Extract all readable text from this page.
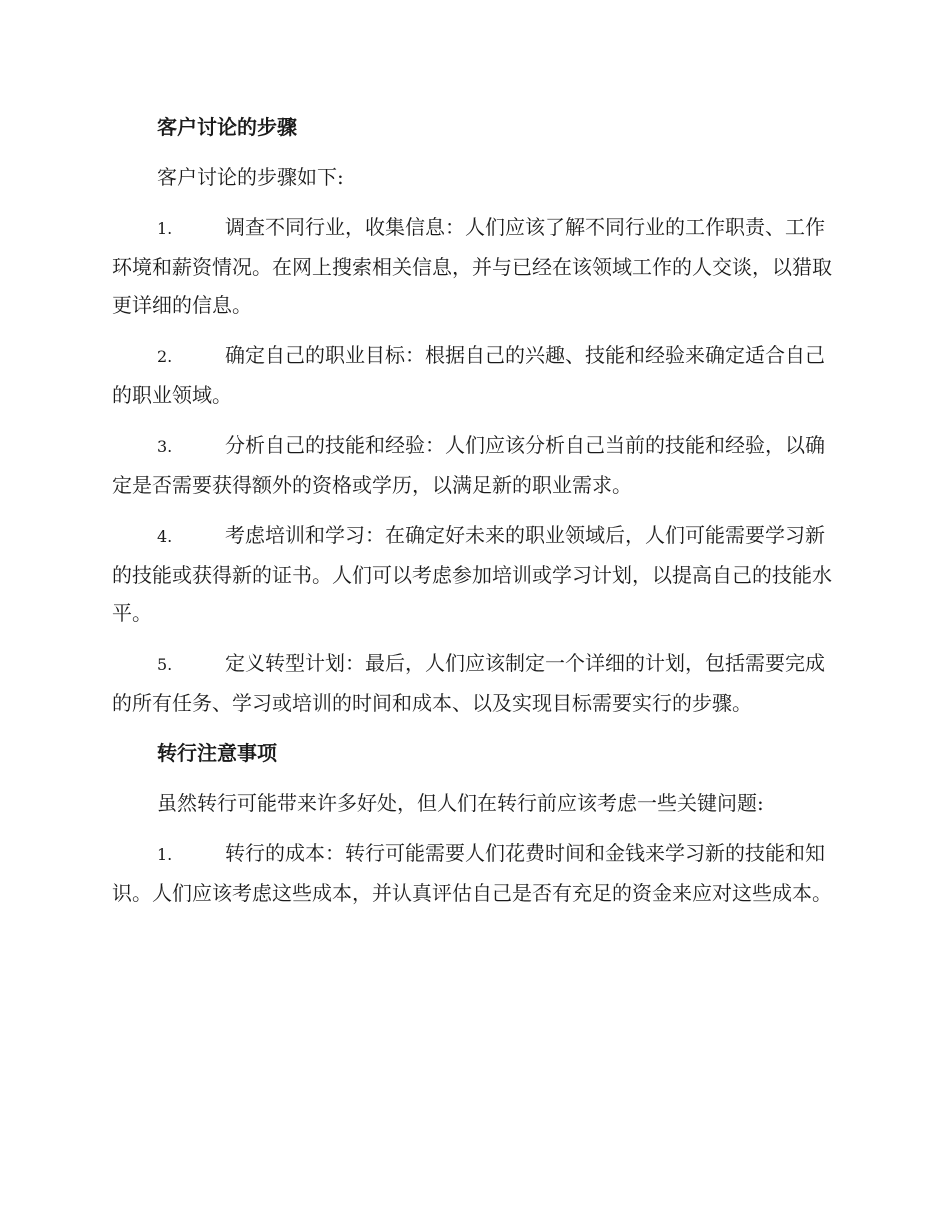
客户讨论的步骤
客户讨论的步骤如下:
1.	调查不同行业，收集信息：人们应该了解不同行业的工作职责、工作环境和薪资情况。在网上搜索相关信息，并与已经在该领域工作的人交谈，以猎取更详细的信息。
2.	确定自己的职业目标：根据自己的兴趣、技能和经验来确定适合自己的职业领域。
3.	分析自己的技能和经验：人们应该分析自己当前的技能和经验，以确定是否需要获得额外的资格或学历，以满足新的职业需求。
4.	考虑培训和学习：在确定好未来的职业领域后，人们可能需要学习新的技能或获得新的证书。人们可以考虑参加培训或学习计划，以提高自己的技能水平。
5.	定义转型计划：最后，人们应该制定一个详细的计划，包括需要完成的所有任务、学习或培训的时间和成本、以及实现目标需要实行的步骤。
转行注意事项
虽然转行可能带来许多好处，但人们在转行前应该考虑一些关键问题:
1.	转行的成本：转行可能需要人们花费时间和金钱来学习新的技能和知识。人们应该考虑这些成本，并认真评估自己是否有充足的资金来应对这些成本。
